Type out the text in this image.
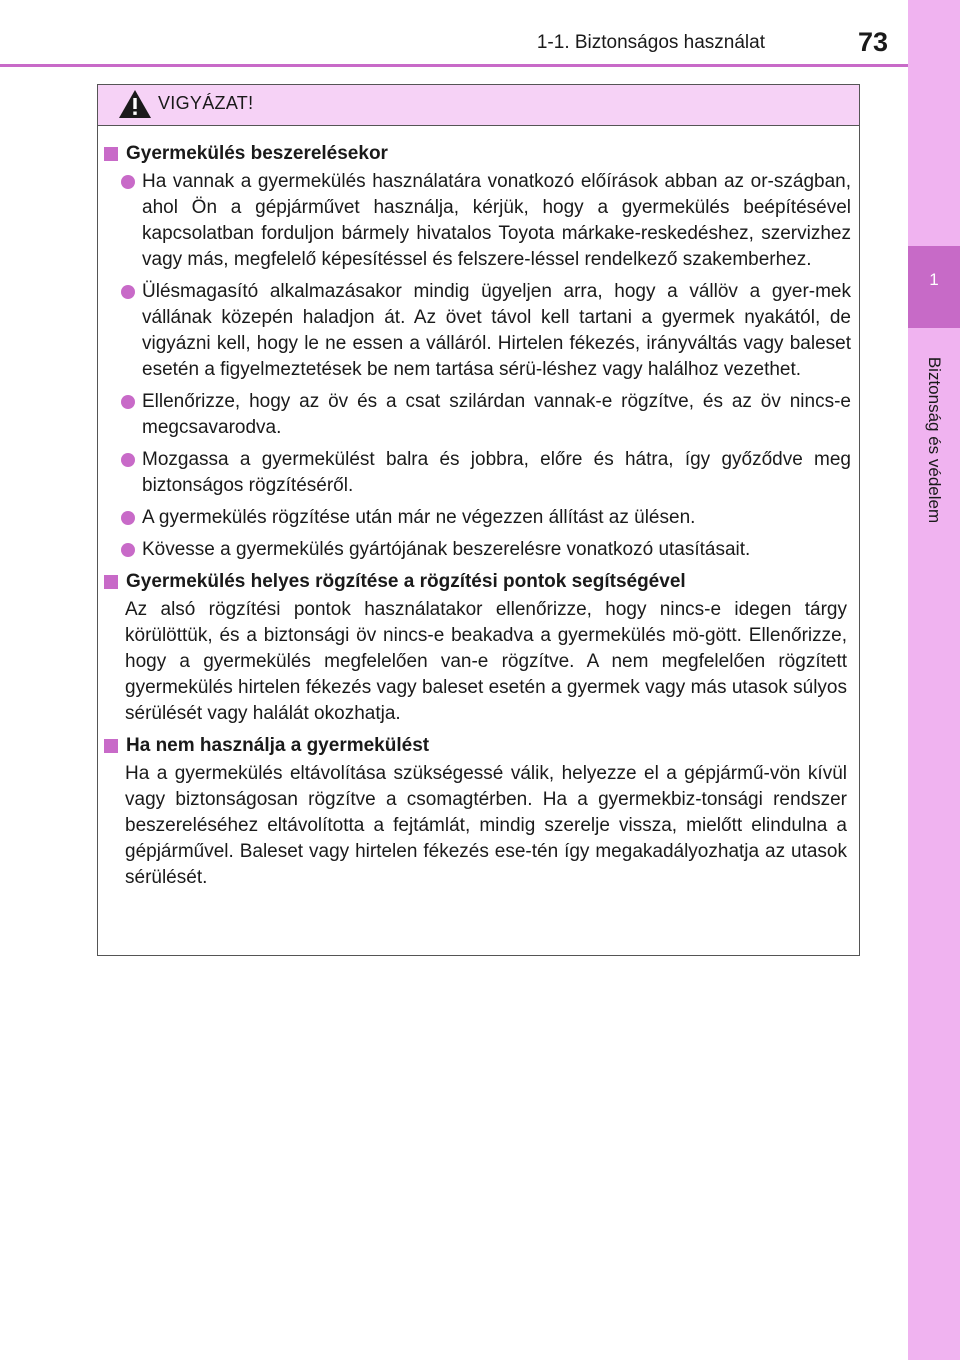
1-1. Biztonságos használat	73
1
Biztonság és védelem
VIGYÁZAT!
Gyermekülés beszerelésekor
Ha vannak a gyermekülés használatára vonatkozó előírások abban az or-szágban, ahol Ön a gépjárművet használja, kérjük, hogy a gyermekülés beépítésével kapcsolatban forduljon bármely hivatalos Toyota márkake-reskedéshez, szervizhez vagy más, megfelelő képesítéssel és felszere-léssel rendelkező szakemberhez.
Ülésmagasító alkalmazásakor mindig ügyeljen arra, hogy a vállöv a gyer-mek vállának közepén haladjon át. Az övet távol kell tartani a gyermek nyakától, de vigyázni kell, hogy le ne essen a válláról. Hirtelen fékezés, irányváltás vagy baleset esetén a figyelmeztetések be nem tartása sérü-léshez vagy halálhoz vezethet.
Ellenőrizze, hogy az öv és a csat szilárdan vannak-e rögzítve, és az öv nincs-e megcsavarodva.
Mozgassa a gyermekülést balra és jobbra, előre és hátra, így győződve meg biztonságos rögzítéséről.
A gyermekülés rögzítése után már ne végezzen állítást az ülésen.
Kövesse a gyermekülés gyártójának beszerelésre vonatkozó utasításait.
Gyermekülés helyes rögzítése a rögzítési pontok segítségével
Az alsó rögzítési pontok használatakor ellenőrizze, hogy nincs-e idegen tárgy körülöttük, és a biztonsági öv nincs-e beakadva a gyermekülés mö-gött. Ellenőrizze, hogy a gyermekülés megfelelően van-e rögzítve. A nem megfelelően rögzített gyermekülés hirtelen fékezés vagy baleset esetén a gyermek vagy más utasok súlyos sérülését vagy halálát okozhatja.
Ha nem használja a gyermekülést
Ha a gyermekülés eltávolítása szükségessé válik, helyezze el a gépjármű-vön kívül vagy biztonságosan rögzítve a csomagtérben. Ha a gyermekbiz-tonsági rendszer beszereléséhez eltávolította a fejtámlát, mindig szerelje vissza, mielőtt elindulna a gépjárművel. Baleset vagy hirtelen fékezés ese-tén így megakadályozhatja az utasok sérülését.
